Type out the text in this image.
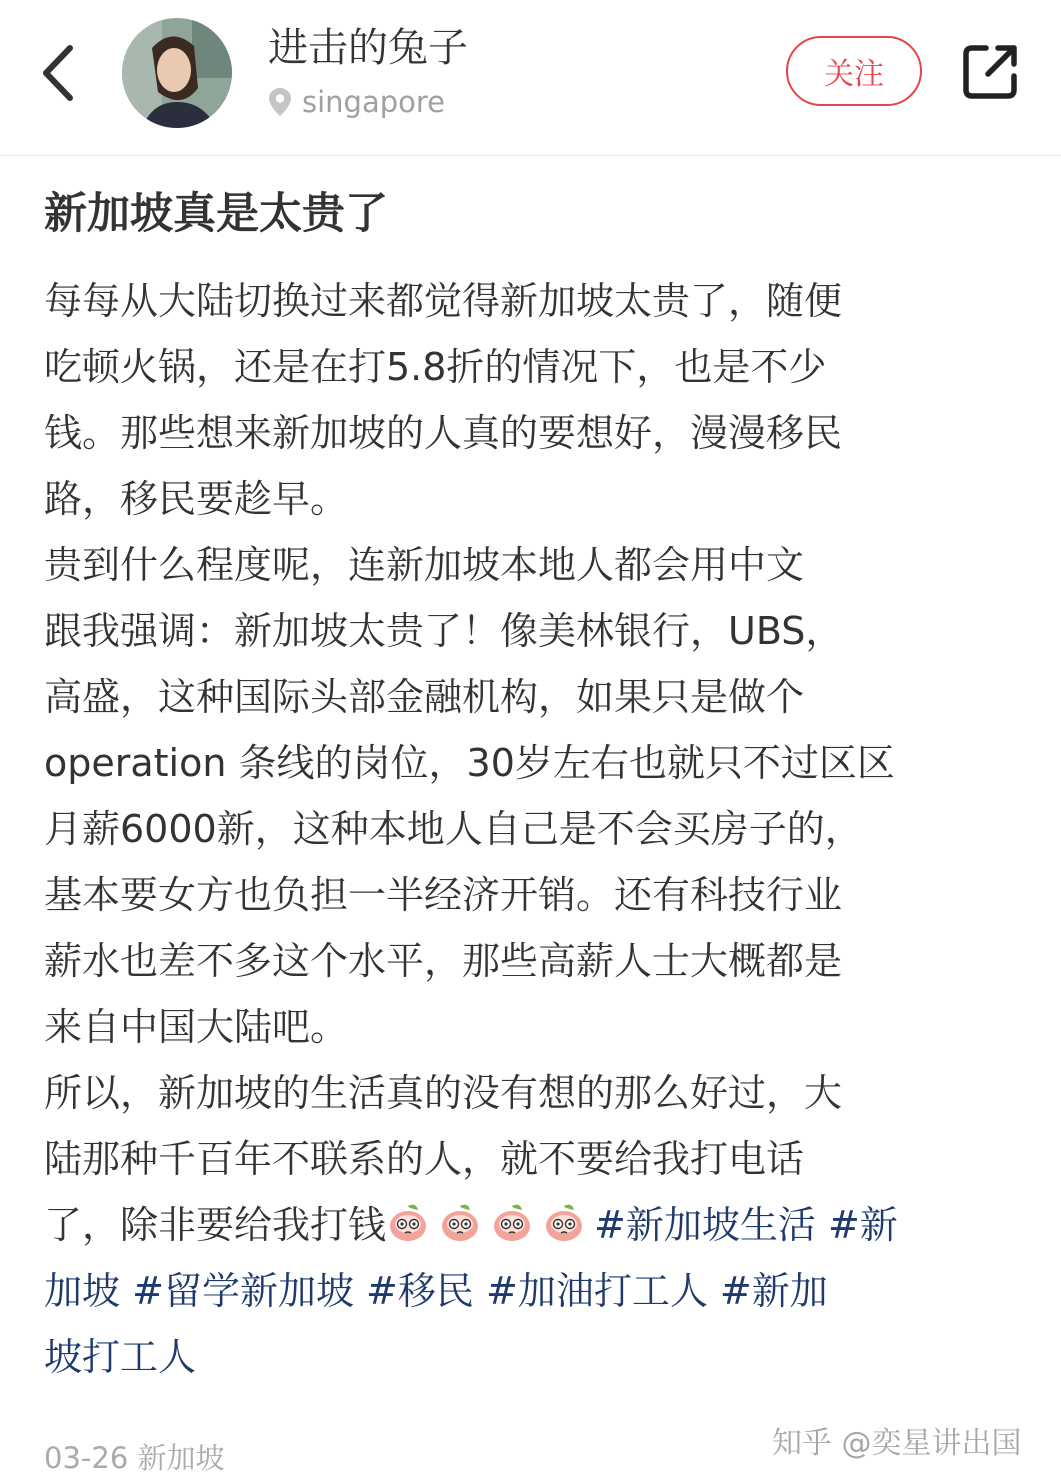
进击的兔子
singapore
关注
新加坡真是太贵了
每每从大陆切换过来都觉得新加坡太贵了，随便
吃顿火锅，还是在打5.8折的情况下，也是不少
钱。那些想来新加坡的人真的要想好，漫漫移民
路，移民要趁早。
贵到什么程度呢，连新加坡本地人都会用中文
跟我强调：新加坡太贵了！像美林银行，UBS，
高盛，这种国际头部金融机构，如果只是做个
operation 条线的岗位，30岁左右也就只不过区区
月薪6000新，这种本地人自己是不会买房子的，
基本要女方也负担一半经济开销。还有科技行业
薪水也差不多这个水平，那些高薪人士大概都是
来自中国大陆吧。
所以，新加坡的生活真的没有想的那么好过，大
陆那种千百年不联系的人，就不要给我打电话
了，除非要给我打钱	#新加坡生活 #新
加坡 #留学新加坡 #移民 #加油打工人 #新加
坡打工人
03-26 新加坡	知乎 @奕星讲出国
